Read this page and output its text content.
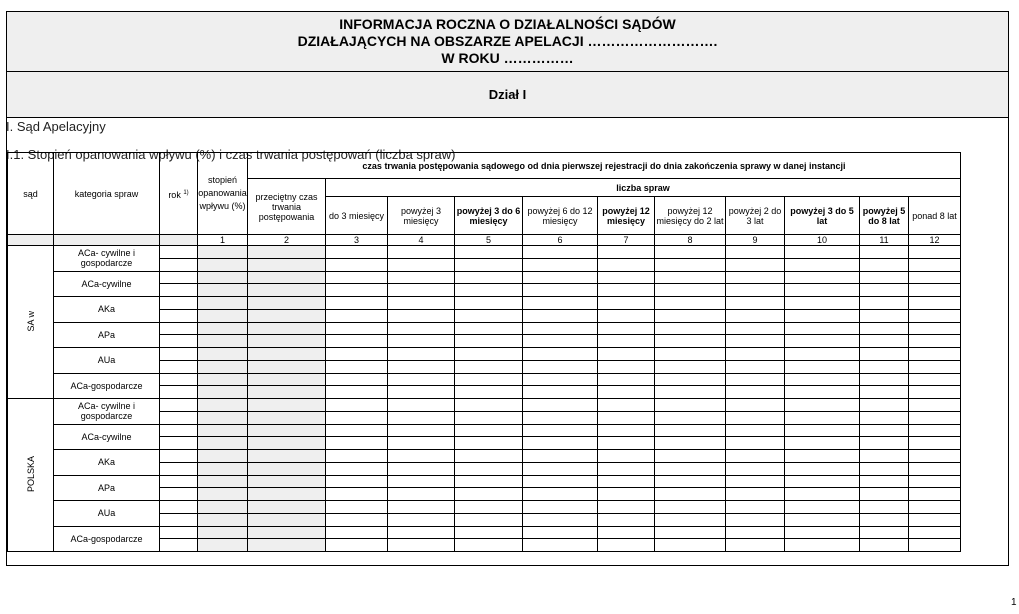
INFORMACJA ROCZNA O DZIAŁALNOŚCI SĄDÓW
DZIAŁAJĄCYCH NA OBSZARZE APELACJI ……………………….
W ROKU ……………
Dział I
I. Sąd Apelacyjny
I.1. Stopień opanowania wpływu (%) i czas trwania postępowań (liczba spraw)
sąd	kategoria spraw	rok $^{1)}$	stopień opanowania wpływu (%)	czas trwania postępowania sądowego od dnia pierwszej rejestracji do dnia zakończenia sprawy w danej instancji										
				przeciętny czas trwania postępowania	liczba spraw									
					do 3 miesięcy	powyżej 3 miesięcy	powyżej 3 do 6 miesięcy	powyżej 6 do 12 miesięcy	powyżej 12 miesięcy	powyżej 12 miesięcy do 2 lat	powyżej 2 do 3 lat	powyżej 3 do 5 lat	powyżej 5 do 8 lat	ponad 8 lat
			1	2	3	4	5	6	7	8	9	10	11	12
SA w	ACa- cywilne i gospodarcze													

	ACa-cywilne													

	AKa													

	APa													

	AUa													

	ACa-gospodarcze													

POLSKA	ACa- cywilne i gospodarcze													

	ACa-cywilne													

	AKa													

	APa													

	AUa													

	ACa-gospodarcze													

1
